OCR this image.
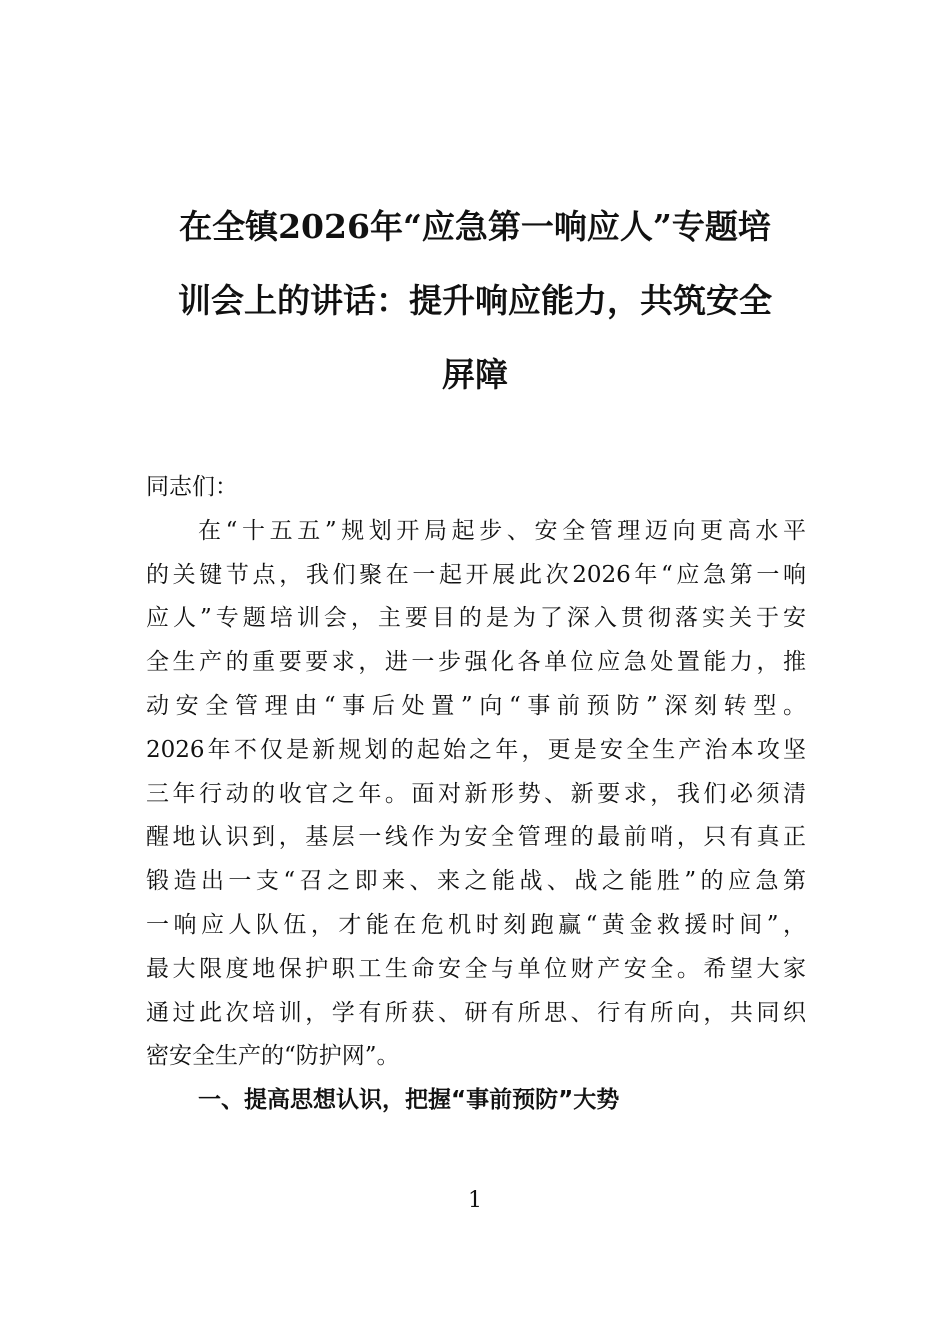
在全镇2026年“应急第一响应人”专题培
训会上的讲话：提升响应能力，共筑安全
屏障
同志们：
在“十五五”规划开局起步、安全管理迈向更高水平
的关键节点，我们聚在一起开展此次2026年“应急第一响
应人”专题培训会，主要目的是为了深入贯彻落实关于安
全生产的重要要求，进一步强化各单位应急处置能力，推
动安全管理由“事后处置”向“事前预防”深刻转型。
2026年不仅是新规划的起始之年，更是安全生产治本攻坚
三年行动的收官之年。面对新形势、新要求，我们必须清
醒地认识到，基层一线作为安全管理的最前哨，只有真正
锻造出一支“召之即来、来之能战、战之能胜”的应急第
一响应人队伍，才能在危机时刻跑赢“黄金救援时间”，
最大限度地保护职工生命安全与单位财产安全。希望大家
通过此次培训，学有所获、研有所思、行有所向，共同织
密安全生产的“防护网”。
一、提高思想认识，把握“事前预防”大势
1
